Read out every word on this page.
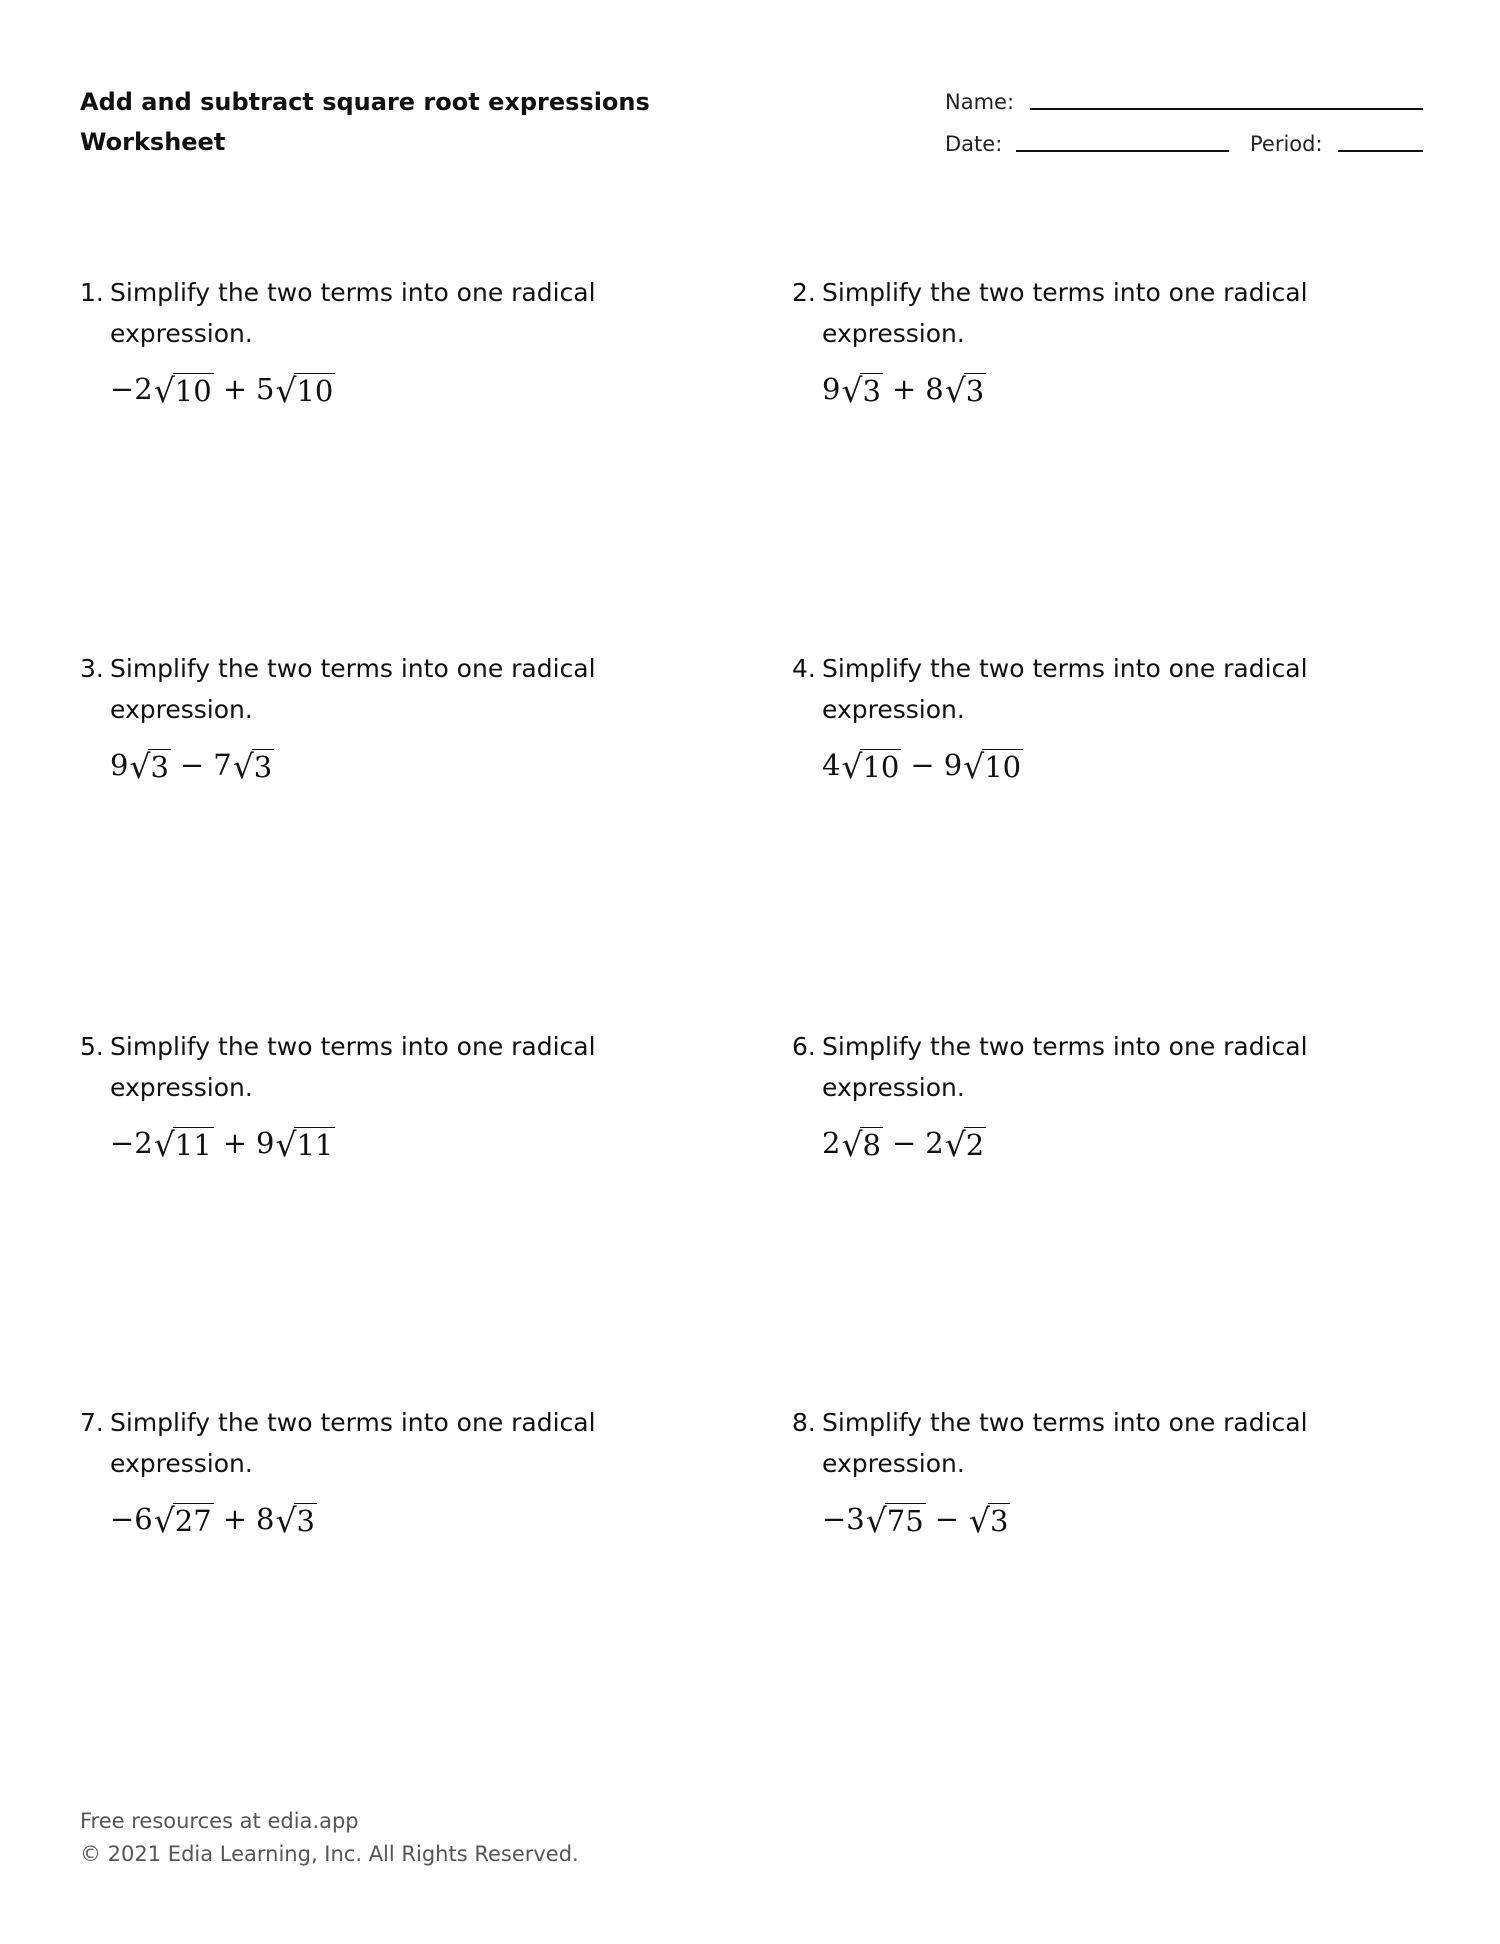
Add and subtract square root expressions
Worksheet
Name:
Date:	Period:
1. Simplify the two terms into one radical expression.
−2 √ 10 + 5 √ 10
2. Simplify the two terms into one radical expression.
9 √ 3 + 8 √ 3
3. Simplify the two terms into one radical expression.
9 √ 3 − 7 √ 3
4. Simplify the two terms into one radical expression.
4 √ 10 − 9 √ 10
5. Simplify the two terms into one radical expression.
−2 √ 11 + 9 √ 11
6. Simplify the two terms into one radical expression.
2 √ 8 − 2 √ 2
7. Simplify the two terms into one radical expression.
−6 √ 27 + 8 √ 3
8. Simplify the two terms into one radical expression.
−3 √ 75 − √ 3
Free resources at edia.app
© 2021 Edia Learning, Inc. All Rights Reserved.
